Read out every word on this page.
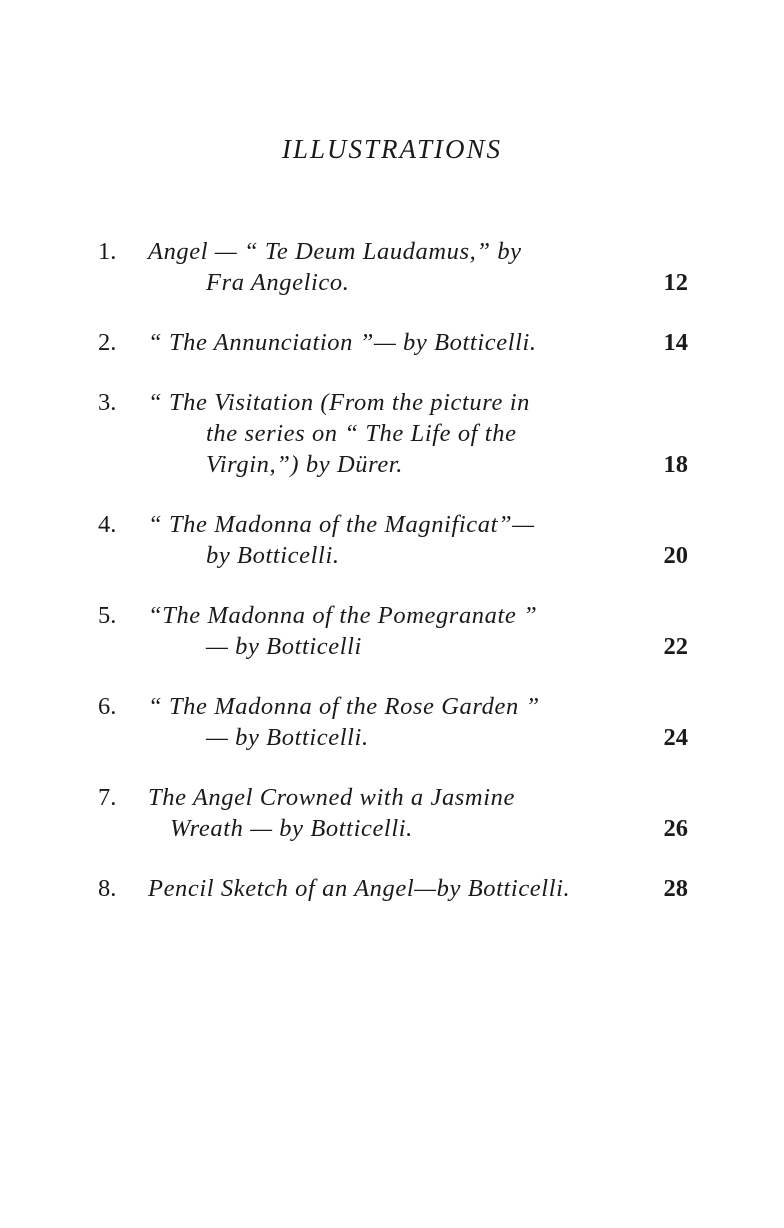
ILLUSTRATIONS
1. Angel — “ Te Deum Laudamus,” by
Fra Angelico.	12
2. “ The Annunciation ”— by Botticelli.	14
3. “ The Visitation (From the picture in
the series on “ The Life of the
Virgin,”) by Dürer.	18
4. “ The Madonna of the Magnificat”—
by Botticelli.	20
5. “The Madonna of the Pomegranate ”
— by Botticelli	22
6. “ The Madonna of the Rose Garden ”
— by Botticelli.	24
7. The Angel Crowned with a Jasmine
Wreath — by Botticelli.	26
8. Pencil Sketch of an Angel—by Botticelli.	28
